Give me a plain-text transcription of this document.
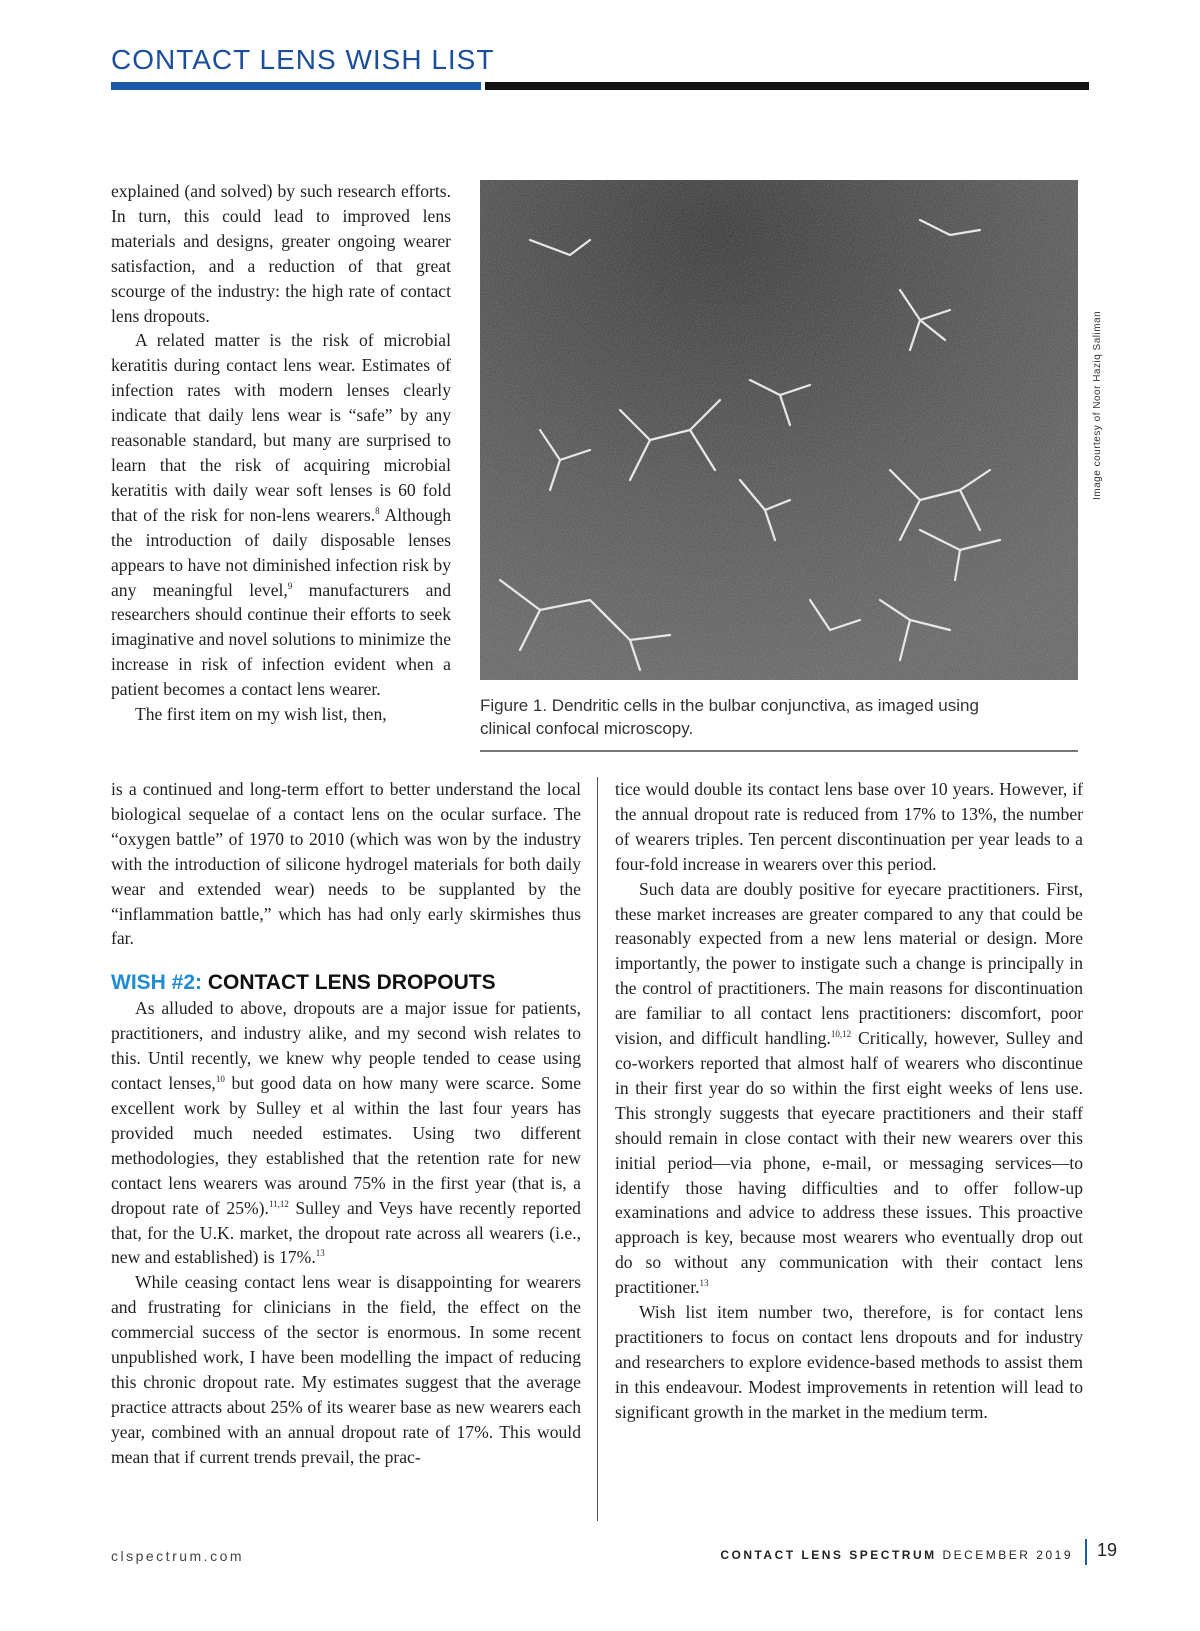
CONTACT LENS WISH LIST
Image courtesy of Noor Haziq Saliman
Figure 1. Dendritic cells in the bulbar conjunctiva, as imaged using
clinical confocal microscopy.

explained (and solved) by such research efforts. In turn, this could lead to improved lens materials and designs, greater ongoing wearer satisfaction, and a reduction of that great scourge of the industry: the high rate of contact lens dropouts.

A related matter is the risk of microbial keratitis during contact lens wear. Estimates of infection rates with modern lenses clearly indicate that daily lens wear is “safe” by any reasonable standard, but many are surprised to learn that the risk of acquiring microbial keratitis with daily wear soft lenses is 60 fold that of the risk for non-lens wearers.$^8$ Although the introduction of daily disposable lenses appears to have not diminished infection risk by any meaningful level,$^9$ manufacturers and researchers should continue their efforts to seek imaginative and novel solutions to minimize the increase in risk of infection evident when a patient becomes a contact lens wearer.

The first item on my wish list, then,

is a continued and long-term effort to better understand the local biological sequelae of a contact lens on the ocular surface. The “oxygen battle” of 1970 to 2010 (which was won by the industry with the introduction of silicone hydrogel materials for both daily wear and extended wear) needs to be supplanted by the “inflammation battle,” which has had only early skirmishes thus far.

WISH #2: CONTACT LENS DROPOUTS

As alluded to above, dropouts are a major issue for patients, practitioners, and industry alike, and my second wish relates to this. Until recently, we knew why people tended to cease using contact lenses,$^{10}$ but good data on how many were scarce. Some excellent work by Sulley et al within the last four years has provided much needed estimates. Using two different methodologies, they established that the retention rate for new contact lens wearers was around 75% in the first year (that is, a dropout rate of 25%).$^{11,12}$ Sulley and Veys have recently reported that, for the U.K. market, the dropout rate across all wearers (i.e., new and established) is 17%.$^{13}$

While ceasing contact lens wear is disappointing for wearers and frustrating for clinicians in the field, the effect on the commercial success of the sector is enormous. In some recent unpublished work, I have been modelling the impact of reducing this chronic dropout rate. My estimates suggest that the average practice attracts about 25% of its wearer base as new wearers each year, combined with an annual dropout rate of 17%. This would mean that if current trends prevail, the prac-

tice would double its contact lens base over 10 years. However, if the annual dropout rate is reduced from 17% to 13%, the number of wearers triples. Ten percent discontinuation per year leads to a four-fold increase in wearers over this period.

Such data are doubly positive for eyecare practitioners. First, these market increases are greater compared to any that could be reasonably expected from a new lens material or design. More importantly, the power to instigate such a change is principally in the control of practitioners. The main reasons for discontinuation are familiar to all contact lens practitioners: discomfort, poor vision, and difficult handling.$^{10,12}$ Critically, however, Sulley and co-workers reported that almost half of wearers who discontinue in their first year do so within the first eight weeks of lens use. This strongly suggests that eyecare practitioners and their staff should remain in close contact with their new wearers over this initial period—via phone, e-mail, or messaging services—to identify those having difficulties and to offer follow-up examinations and advice to address these issues. This proactive approach is key, because most wearers who eventually drop out do so without any communication with their contact lens practitioner.$^{13}$

Wish list item number two, therefore, is for contact lens practitioners to focus on contact lens dropouts and for industry and researchers to explore evidence-based methods to assist them in this endeavour. Modest improvements in retention will lead to significant growth in the market in the medium term.

clspectrum.com	CONTACT LENS SPECTRUM DECEMBER 2019 19
